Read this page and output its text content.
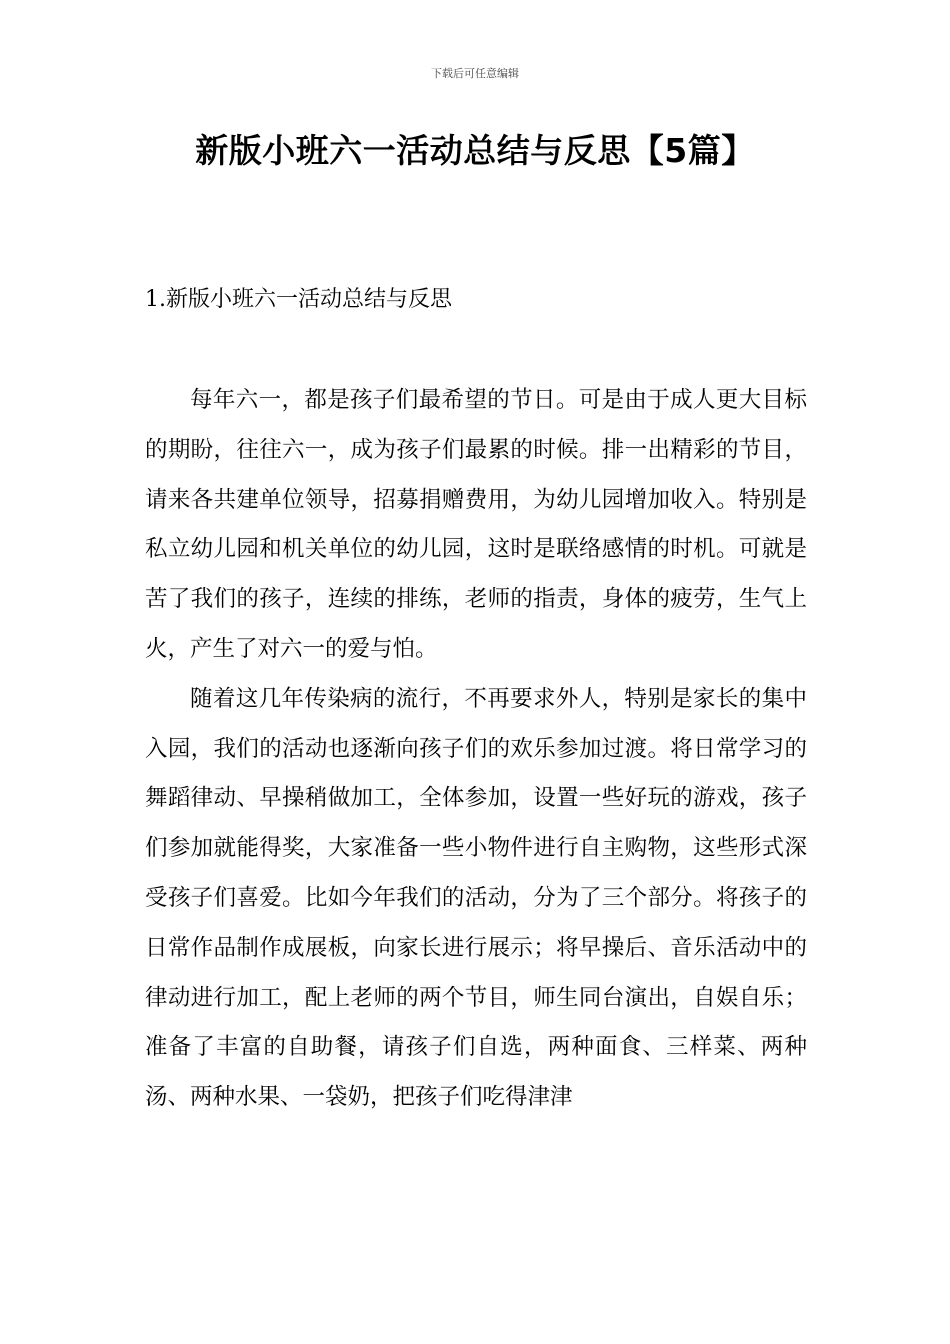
下载后可任意编辑
新版小班六一活动总结与反思【5篇】
1.新版小班六一活动总结与反思

每年六一，都是孩子们最希望的节日。可是由于成人更大目标的期盼，往往六一，成为孩子们最累的时候。排一出精彩的节目，请来各共建单位领导，招募捐赠费用，为幼儿园增加收入。特别是私立幼儿园和机关单位的幼儿园，这时是联络感情的时机。可就是苦了我们的孩子，连续的排练，老师的指责，身体的疲劳，生气上火，产生了对六一的爱与怕。

随着这几年传染病的流行，不再要求外人，特别是家长的集中入园，我们的活动也逐渐向孩子们的欢乐参加过渡。将日常学习的舞蹈律动、早操稍做加工，全体参加，设置一些好玩的游戏，孩子们参加就能得奖，大家准备一些小物件进行自主购物，这些形式深受孩子们喜爱。比如今年我们的活动，分为了三个部分。将孩子的日常作品制作成展板，向家长进行展示；将早操后、音乐活动中的律动进行加工，配上老师的两个节目，师生同台演出，自娱自乐；准备了丰富的自助餐，请孩子们自选，两种面食、三样菜、两种汤、两种水果、一袋奶，把孩子们吃得津津
